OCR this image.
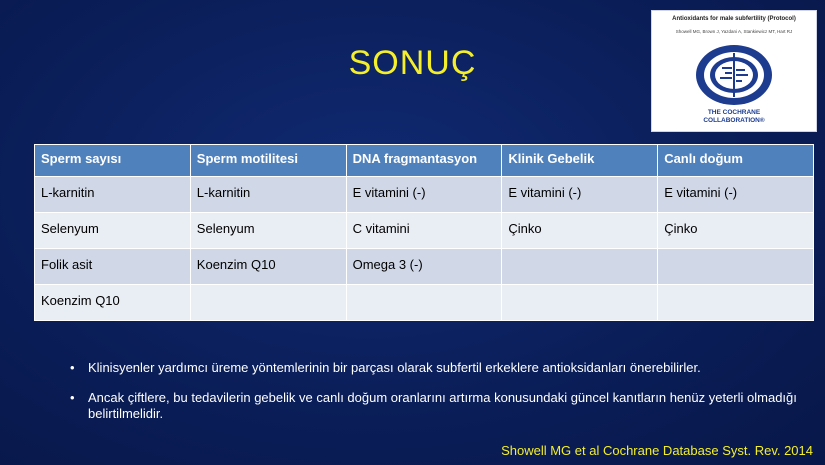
SONUÇ
Antioxidants for male subfertility (Protocol)
Showell MG, Brown J, Yazdani A, Stankiewicz MT, Hart RJ
THE COCHRANE
COLLABORATION®
Sperm sayısı	Sperm motilitesi	DNA fragmantasyon	Klinik Gebelik	Canlı doğum
L-karnitin	L-karnitin	E vitamini (-)	E vitamini (-)	E vitamini (-)
Selenyum	Selenyum	C vitamini	Çinko	Çinko
Folik asit	Koenzim Q10	Omega 3 (-)		
Koenzim Q10				
• Klinisyenler yardımcı üreme yöntemlerinin bir parçası olarak subfertil erkeklere antioksidanları önerebilirler.
• Ancak çiftlere, bu tedavilerin gebelik ve canlı doğum oranlarını artırma konusundaki güncel kanıtların henüz yeterli olmadığı belirtilmelidir.
Showell MG et al Cochrane Database Syst. Rev. 2014
